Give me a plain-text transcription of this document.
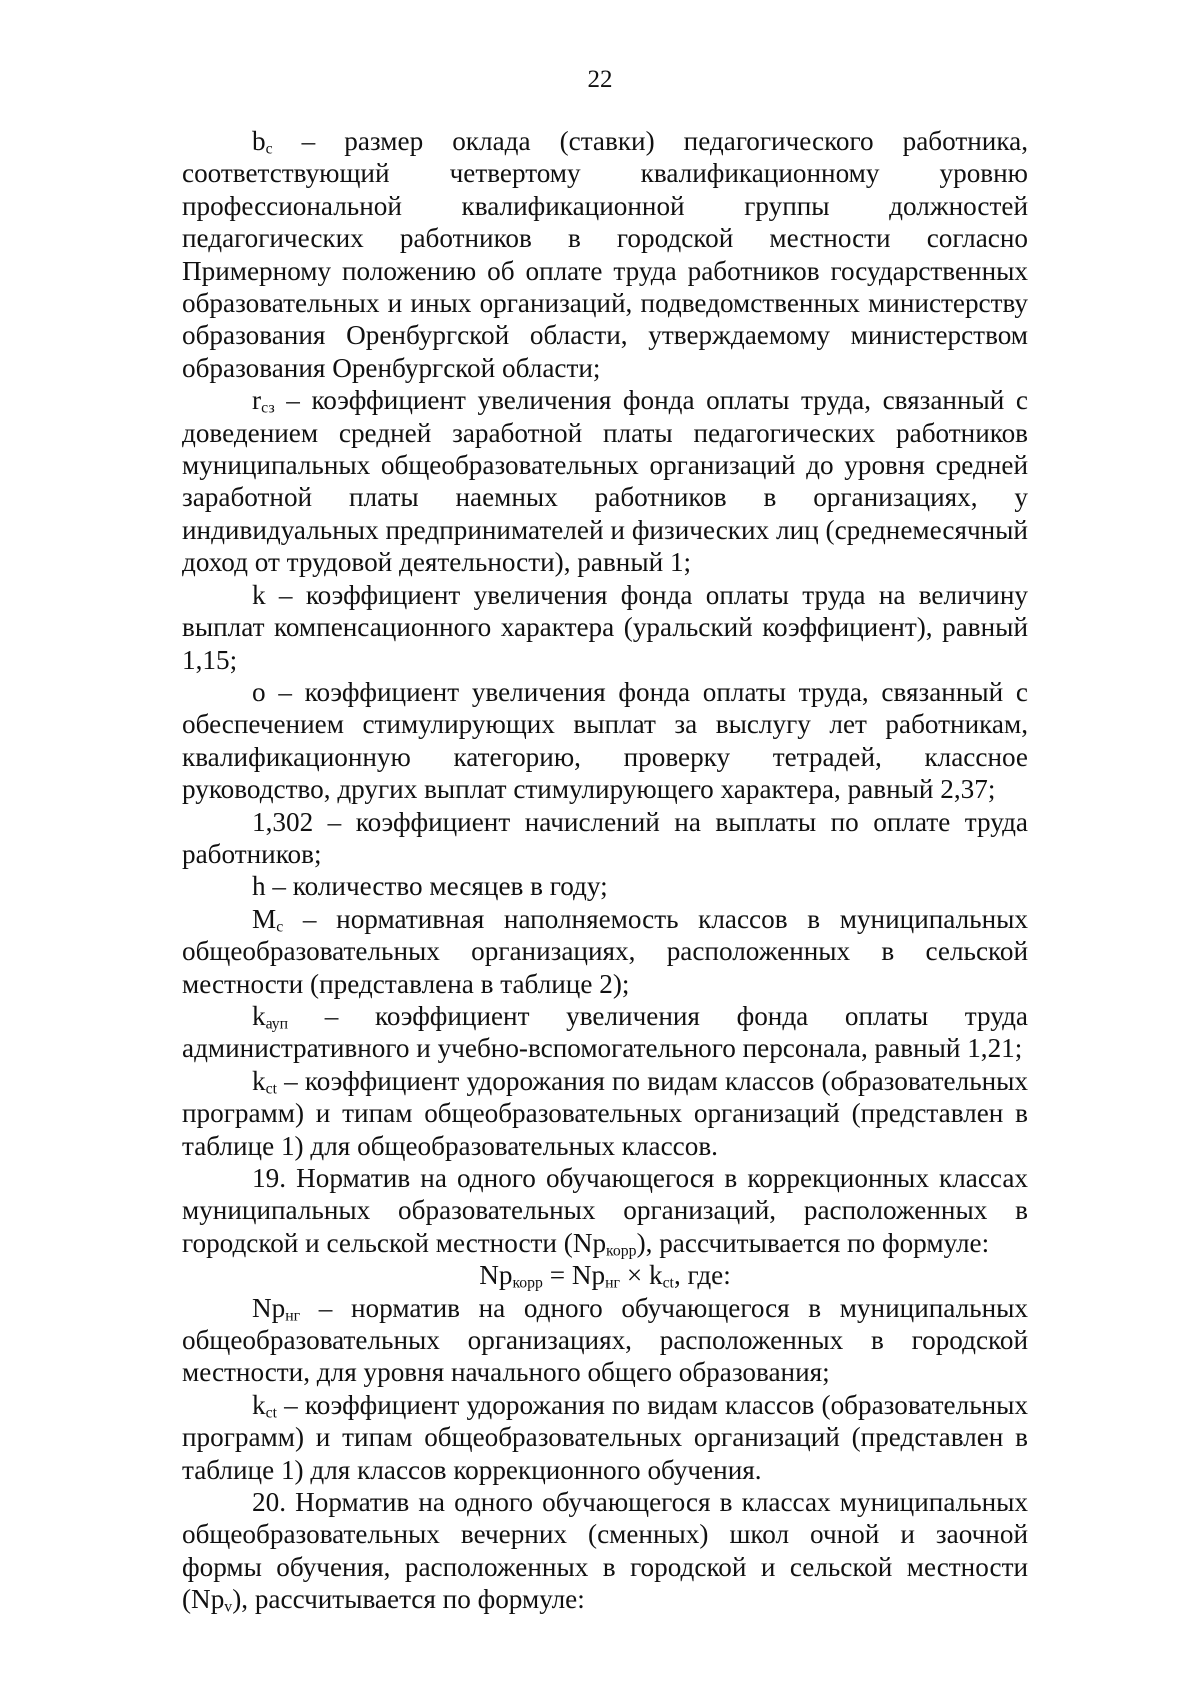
22

$b_c$ – размер оклада (ставки) педагогического работника, соответствующий четвертому квалификационному уровню профессиональной квалификационной группы должностей педагогических работников в городской местности согласно Примерному положению об оплате труда работников государственных образовательных и иных организаций, подведомственных министерству образования Оренбургской области, утверждаемому министерством образования Оренбургской области;

$r_{сз}$ – коэффициент увеличения фонда оплаты труда, связанный с доведением средней заработной платы педагогических работников муниципальных общеобразовательных организаций до уровня средней заработной платы наемных работников в организациях, у индивидуальных предпринимателей и физических лиц (среднемесячный доход от трудовой деятельности), равный 1;

k – коэффициент увеличения фонда оплаты труда на величину выплат компенсационного характера (уральский коэффициент), равный 1,15;

о – коэффициент увеличения фонда оплаты труда, связанный с обеспечением стимулирующих выплат за выслугу лет работникам, квалификационную категорию, проверку тетрадей, классное руководство, других выплат стимулирующего характера, равный 2,37;

1,302 – коэффициент начислений на выплаты по оплате труда работников;

h – количество месяцев в году;

$М_с$ – нормативная наполняемость классов в муниципальных общеобразовательных организациях, расположенных в сельской местности (представлена в таблице 2);

$k_{ауп}$ – коэффициент увеличения фонда оплаты труда административного и учебно-вспомогательного персонала, равный 1,21;

$k_{ct}$ – коэффициент удорожания по видам классов (образовательных программ) и типам общеобразовательных организаций (представлен в таблице 1) для общеобразовательных классов.

19. Норматив на одного обучающегося в коррекционных классах муниципальных образовательных организаций, расположенных в городской и сельской местности $(Np_{корр})$, рассчитывается по формуле:

$Np_{корр} = Np_{нг} \times k_{ct}$, где:

$Np_{нг}$ – норматив на одного обучающегося в муниципальных общеобразовательных организациях, расположенных в городской местности, для уровня начального общего образования;

$k_{ct}$ – коэффициент удорожания по видам классов (образовательных программ) и типам общеобразовательных организаций (представлен в таблице 1) для классов коррекционного обучения.

20. Норматив на одного обучающегося в классах муниципальных общеобразовательных вечерних (сменных) школ очной и заочной формы обучения, расположенных в городской и сельской местности $(Np_v)$, рассчитывается по формуле:
